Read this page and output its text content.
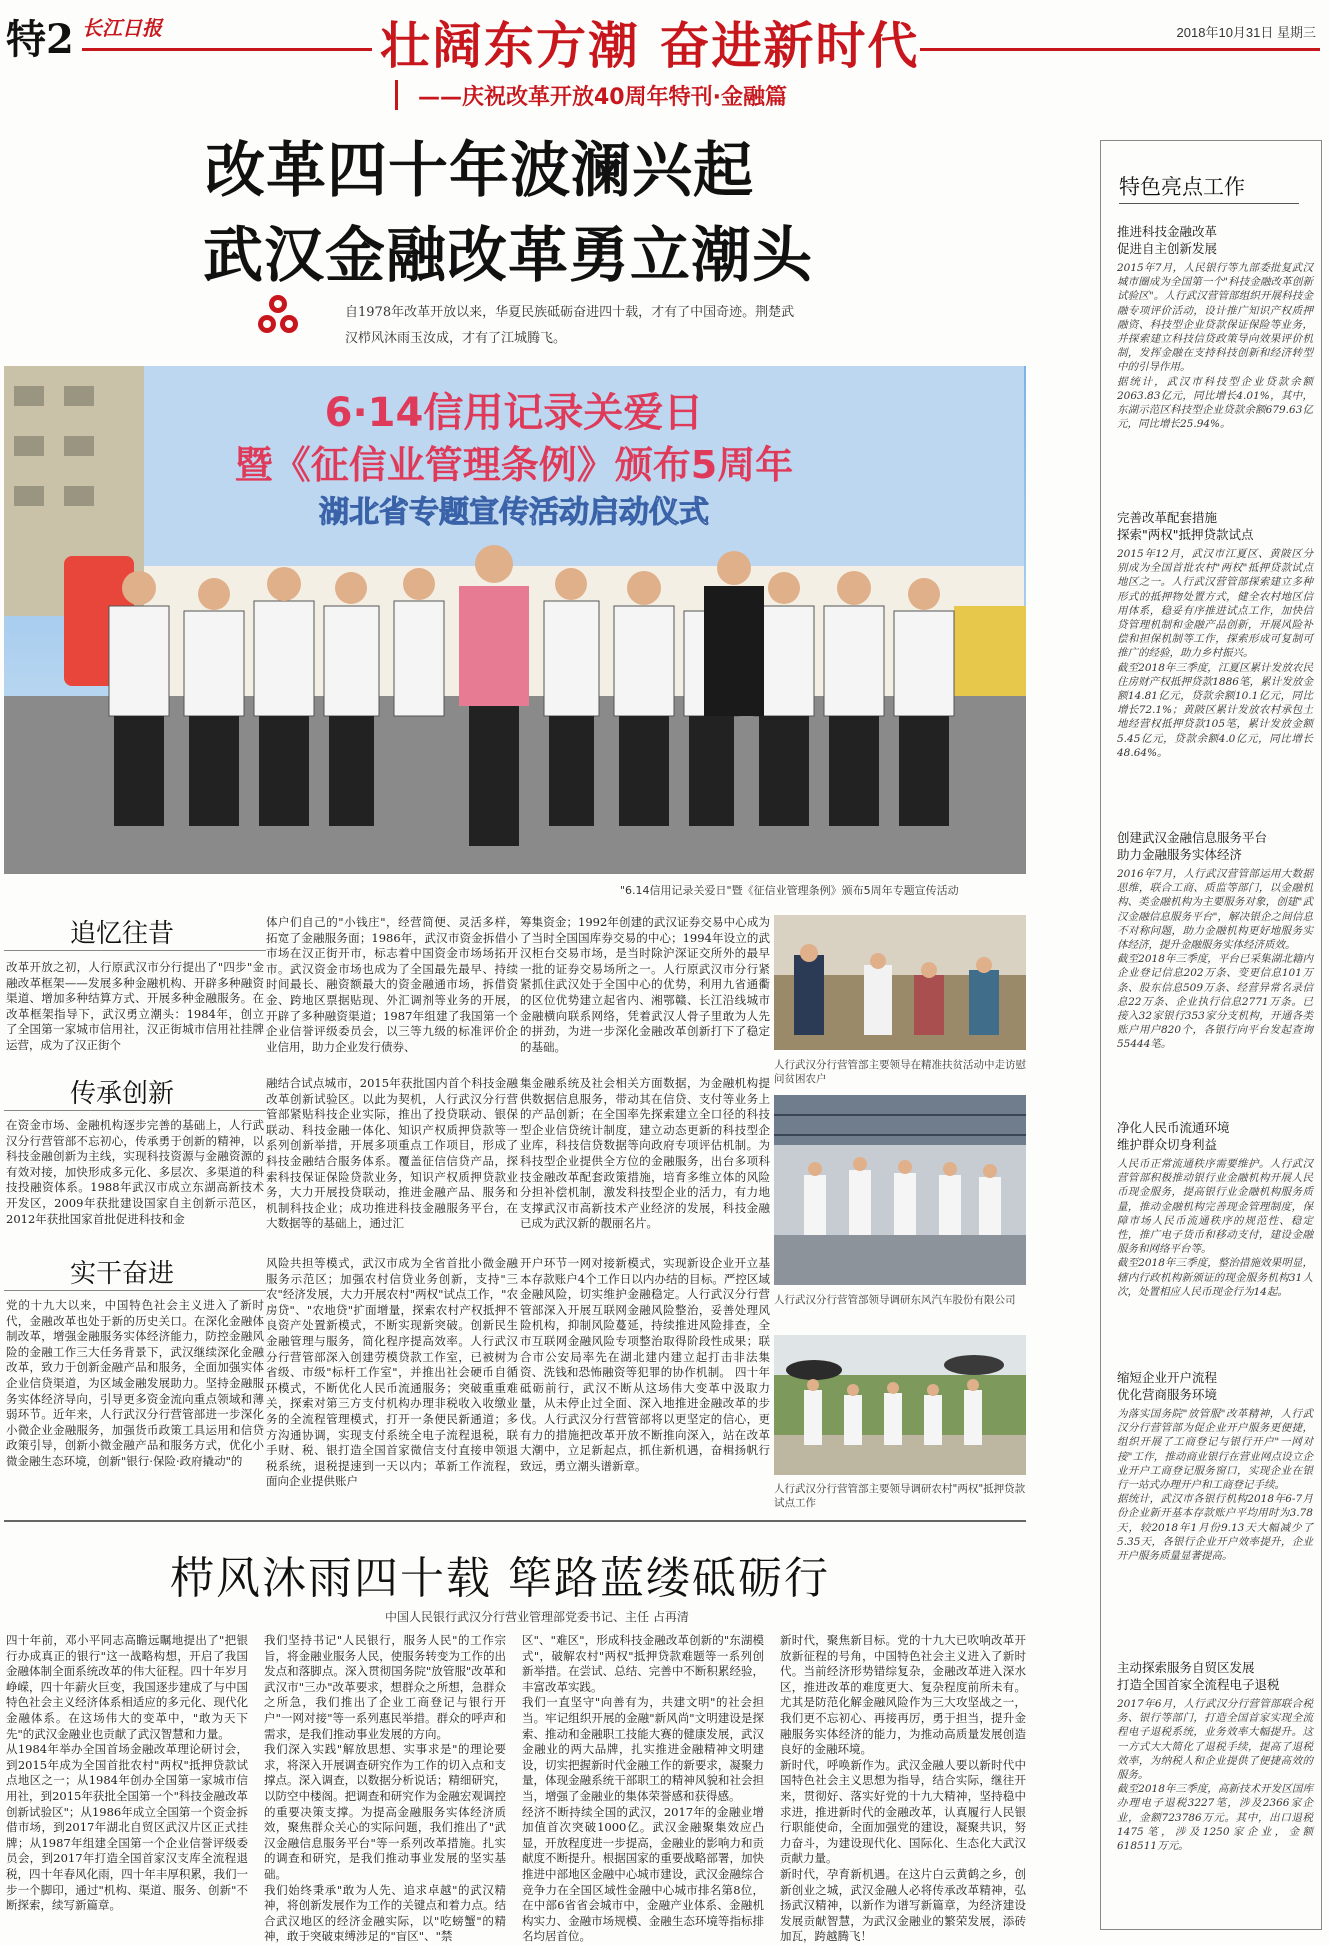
特2 长江日报	壮阔东方潮 奋进新时代
——庆祝改革开放40周年特刊·金融篇
2018年10月31日 星期三
改革四十年波澜兴起
武汉金融改革勇立潮头
自1978年改革开放以来，华夏民族砥砺奋进四十载，才有了中国奇迹。荆楚武汉栉风沐雨玉汝成，才有了江城腾飞。
6·14信用记录关爱日
暨《征信业管理条例》颁布5周年
湖北省专题宣传活动启动仪式
"6.14信用记录关爱日"暨《征信业管理条例》颁布5周年专题宣传活动
追忆往昔
改革开放之初，人行原武汉市分行提出了"四步"金融改革框架——发展多种金融机构、开辟多种融资渠道、增加多种结算方式、开展多种金融服务。在改革框架指导下，武汉勇立潮头：1984年，创立了全国第一家城市信用社，汉正街城市信用社挂牌运营，成为了汉正街个
体户们自己的"小钱庄"，经营简便、灵活多样，拓宽了金融服务面；1986年，武汉市资金拆借小市场在汉正街开市，标志着中国资金市场场拓开市。武汉资金市场也成为了全国最先最早、持续时间最长、融资额最大的资金融通市场，拆借资金、跨地区票据贴现、外汇调剂等业务的开展，开辟了多种融资渠道；1987年组建了我国第一个企业信誉评级委员会，以三等九级的标准评价企业信用，助力企业发行债券、
筹集资金；1992年创建的武汉证券交易中心成为了当时全国国库券交易的中心；1994年设立的武汉柜台交易市场，是当时除沪深证交所外的最早一批的证券交易场所之一。人行原武汉市分行紧紧抓住武汉处于全国中心的优势，利用九省通衢的区位优势建立起省内、湘鄂赣、长江沿线城市金融横向联系网络，凭着武汉人骨子里敢为人先的拼劲，为进一步深化金融改革创新打下了稳定的基础。
传承创新
在资金市场、金融机构逐步完善的基础上，人行武汉分行营管部不忘初心，传承勇于创新的精神，以科技金融创新为主线，实现科技资源与金融资源的有效对接，加快形成多元化、多层次、多渠道的科技投融资体系。1988年武汉市成立东湖高新技术开发区，2009年获批建设国家自主创新示范区，2012年获批国家首批促进科技和金
融结合试点城市，2015年获批国内首个科技金融改革创新试验区。以此为契机，人行武汉分行营管部紧贴科技企业实际，推出了投贷联动、银保联动、科技金融一体化、知识产权质押贷款等一系列创新举措，开展多项重点工作项目，形成了科技金融结合服务体系。覆盖征信信贷产品，探索科技保证保险贷款业务，知识产权质押贷款业务，大力开展投贷联动，推进金融产品、服务和机制科技企业；成功推进科技金融服务平台，在大数据等的基础上，通过汇
集金融系统及社会相关方面数据，为金融机构提供数据信息服务，带动其在信贷、支付等业务上的产品创新；在全国率先探索建立全口径的科技型企业信贷统计制度，建立动态更新的科技型企业库，科技信贷数据等向政府专项评估机制。为科技型企业提供全方位的金融服务，出台多项科技金融改革配套政策措施，培育多维立体的风险分担补偿机制，激发科技型企业的活力，有力地支撑武汉市高新技术产业经济的发展，科技金融已成为武汉新的靓丽名片。
实干奋进
党的十九大以来，中国特色社会主义进入了新时代，金融改革也处于新的历史关口。在深化金融体制改革，增强金融服务实体经济能力，防控金融风险的金融工作三大任务背景下，武汉继续深化金融改革，致力于创新金融产品和服务，全面加强实体企业信贷渠道，为区域金融发展助力。坚持金融服务实体经济导向，引导更多资金流向重点领域和薄弱环节。近年来，人行武汉分行营管部进一步深化小微企业金融服务，加强货币政策工具运用和信贷政策引导，创新小微金融产品和服务方式，优化小微金融生态环境，创新"银行·保险·政府撬动"的
风险共担等模式，武汉市成为全省首批小微金融服务示范区；加强农村信贷业务创新，支持"三农"经济发展，大力开展农村"两权"试点工作，"农房贷"、"农地贷"扩面增量，探索农村产权抵押不良资产处置新模式，不断实现新突破。创新民生金融管理与服务，简化程序提高效率。人行武汉分行营管部深入创建劳模贷款工作室，已被树为省级、市级"标杆工作室"，并推出社会硬币自循环模式，不断优化人民币流通服务；突破重重难关，探索对第三方支付机构办理非税收入收缴业务的全流程管理模式，打开一条便民新通道；多方沟通协调，实现支付系统全电子流程退税，联手财、税、银打造全国首家微信支付直接申领退税系统，退税提速到一天以内；革新工作流程，面向企业提供账户
开户环节一网对接新模式，实现新设企业开立基本存款账户4个工作日以内办结的目标。严控区域金融风险，切实维护金融稳定。人行武汉分行营管部深入开展互联网金融风险整治，妥善处理风险机构，抑制风险蔓延，持续推进风险排查，全市互联网金融风险专项整治取得阶段性成果；联合市公安局率先在湖北建内建立起打击非法集资、洗钱和恐怖融资等犯罪的协作机制。 四十年砥砺前行，武汉不断从这场伟大变革中汲取力量，从未停止过全面、深入地推进金融改革的步伐。人行武汉分行营管部将以更坚定的信心，更有力的措施把改革开放不断推向深入，站在改革大潮中，立足新起点，抓住新机遇，奋楫扬帆行致远，勇立潮头谱新章。
人行武汉分行营管部主要领导在精准扶贫活动中走访慰问贫困农户
人行武汉分行营管部领导调研东风汽车股份有限公司
人行武汉分行营管部主要领导调研农村"两权"抵押贷款试点工作
栉风沐雨四十载 筚路蓝缕砥砺行
中国人民银行武汉分行营业管理部党委书记、主任 占再清
四十年前，邓小平同志高瞻远瞩地提出了"把银行办成真正的银行"这一战略构想，开启了我国金融体制全面系统改革的伟大征程。四十年岁月峥嵘，四十年薪火巨变，我国逐步建成了与中国特色社会主义经济体系相适应的多元化、现代化金融体系。在这场伟大的变革中，"敢为天下先"的武汉金融业也贡献了武汉智慧和力量。
从1984年举办全国首场金融改革理论研讨会，到2015年成为全国首批农村"两权"抵押贷款试点地区之一；从1984年创办全国第一家城市信用社，到2015年获批全国第一个"科技金融改革创新试验区"；从1986年成立全国第一个资金拆借市场，到2017年湖北自贸区武汉片区正式挂牌；从1987年组建全国第一个企业信誉评级委员会，到2017年打造全国首家汉支库全流程退税，四十年春风化雨，四十年丰厚积累，我们一步一个脚印，通过"机构、渠道、服务、创新"不断探索，续写新篇章。
我们坚持书记"人民银行，服务人民"的工作宗旨，将金融业服务人民，使服务转变为工作的出发点和落脚点。深入贯彻国务院"放管服"改革和武汉市"三办"改革要求，想群众之所想，急群众之所急，我们推出了企业工商登记与银行开户"一网对接"等一系列惠民举措。群众的呼声和需求，是我们推动事业发展的方向。
我们深入实践"解放思想、实事求是"的理论要求，将深入开展调查研究作为工作的切入点和支撑点。深入调查，以数据分析说话；精细研究，以防空中楼阁。把调查和研究作为金融宏观调控的重要决策支撑。为提高金融服务实体经济质效，聚焦群众关心的实际问题，我们推出了"武汉金融信息服务平台"等一系列改革措施。扎实的调查和研究，是我们推动事业发展的坚实基础。
我们始终秉承"敢为人先、追求卓越"的武汉精神，将创新发展作为工作的关键点和着力点。结合武汉地区的经济金融实际，以"吃螃蟹"的精神，敢于突破束缚涉足的"盲区"、"禁
区"、"难区"，形成科技金融改革创新的"东湖模式"，破解农村"两权"抵押贷款难题等一系列创新举措。在尝试、总结、完善中不断积累经验，丰富改革实践。
我们一直坚守"向善有为，共建文明"的社会担当。牢记组织开展的金融"新风尚"文明建设是探索、推动和金融职工技能大赛的健康发展，武汉金融业的两大品牌，扎实推进金融精神文明建设，切实把握新时代金融工作的新要求，凝聚力量，体现金融系统干部职工的精神风貌和社会担当，增强了金融业的集体荣誉感和获得感。
经济不断持续全国的武汉，2017年的金融业增加值首次突破1000亿。武汉金融聚集效应凸显，开放程度进一步提高，金融业的影响力和贡献度不断提升。根据国家的重要战略部署，加快推进中部地区金融中心城市建设，武汉金融综合竞争力在全国区域性金融中心城市排名第8位，在中部6省省会城市中，金融产业体系、金融机构实力、金融市场规模、金融生态环境等指标排名均居首位。
新时代，聚焦新目标。党的十九大已吹响改革开放新征程的号角，中国特色社会主义进入了新时代。当前经济形势错综复杂，金融改革进入深水区，推进改革的难度更大、复杂程度前所未有。尤其是防范化解金融风险作为三大攻坚战之一，我们更不忘初心、再接再厉，勇于担当，提升金融服务实体经济的能力，为推动高质量发展创造良好的金融环境。
新时代，呼唤新作为。武汉金融人要以新时代中国特色社会主义思想为指导，结合实际，继往开来，贯彻好、落实好党的十九大精神，坚持稳中求进，推进新时代的金融改革，认真履行人民银行职能使命，全面加强党的建设，凝聚共识，努力奋斗，为建设现代化、国际化、生态化大武汉贡献力量。
新时代，孕育新机遇。在这片白云黄鹤之乡，创新创业之城，武汉金融人必将传承改革精神，弘扬武汉精神，以新作为谱写新篇章，为经济建设发展贡献智慧，为武汉金融业的繁荣发展，添砖加瓦，跨越腾飞！
特色亮点工作
推进科技金融改革
促进自主创新发展
2015年7月，人民银行等九部委批复武汉城市圈成为全国第一个"科技金融改革创新试验区"。人行武汉营管部组织开展科技金融专项评价活动，设计推广知识产权质押融资、科技型企业贷款保证保险等业务，并探索建立科技信贷政策导向效果评价机制，发挥金融在支持科技创新和经济转型中的引导作用。
据统计，武汉市科技型企业贷款余额2063.83亿元，同比增长4.01%，其中，东湖示范区科技型企业贷款余额679.63亿元，同比增长25.94%。
完善改革配套措施
探索"两权"抵押贷款试点
2015年12月，武汉市江夏区、黄陂区分别成为全国首批农村"两权"抵押贷款试点地区之一。人行武汉营管部探索建立多种形式的抵押物处置方式，健全农村地区信用体系，稳妥有序推进试点工作，加快信贷管理机制和金融产品创新，开展风险补偿和担保机制等工作，探索形成可复制可推广的经验，助力乡村振兴。
截至2018年三季度，江夏区累计发放农民住房财产权抵押贷款1886笔，累计发放金额14.81亿元，贷款余额10.1亿元，同比增长72.1%；黄陂区累计发放农村承包土地经营权抵押贷款105笔，累计发放金额5.45亿元，贷款余额4.0亿元，同比增长48.64%。
创建武汉金融信息服务平台
助力金融服务实体经济
2016年7月，人行武汉营管部运用大数据思维，联合工商、质监等部门，以金融机构、类金融机构为主要服务对象，创建"武汉金融信息服务平台"，解决银企之间信息不对称问题，助力金融机构更好地服务实体经济，提升金融服务实体经济质效。
截至2018年三季度，平台已采集湖北籍内企业登记信息202万条、变更信息101万条、股东信息509万条、经营异常名录信息22万条、企业执行信息2771万条。已接入32家银行353家分支机构，开通各类账户用户820个，各银行向平台发起查询55444笔。
净化人民币流通环境
维护群众切身利益
人民币正常流通秩序需要维护。人行武汉营管部积极推动银行业金融机构开展人民币现金服务，提高银行业金融机构服务质量，推动金融机构完善现金管理制度，保障市场人民币流通秩序的规范性、稳定性，推广电子货币和移动支付，建设金融服务和网络平台等。
截至2018年三季度，整治措施效果明显，辖内行政机构新颁证的现金服务机构31人次，处置相应人民币现金行为14起。
缩短企业开户流程
优化营商服务环境
为落实国务院"放管服"改革精神，人行武汉分行营管部为促企业开户服务更便捷，组织开展了工商登记与银行开户"一网对接"工作，推动商业银行在营业网点设立企业开户工商登记服务窗口，实现企业在银行一站式办理开户和工商登记手续。
据统计，武汉市各银行机构2018年6-7月份企业新开基本存款账户平均用时为3.78天，较2018年1月份9.13天大幅减少了5.35天，各银行企业开户效率提升，企业开户服务质量显著提高。
主动探索服务自贸区发展
打造全国首家全流程电子退税
2017年6月，人行武汉分行营管部联合税务、银行等部门，打造全国首家实现全流程电子退税系统，业务效率大幅提升。这一方式大大简化了退税手续，提高了退税效率，为纳税人和企业提供了便捷高效的服务。
截至2018年三季度，高新技术开发区国库办理电子退税3227笔，涉及2366家企业，金额723786万元。其中，出口退税1475笔，涉及1250家企业，金额618511万元。
